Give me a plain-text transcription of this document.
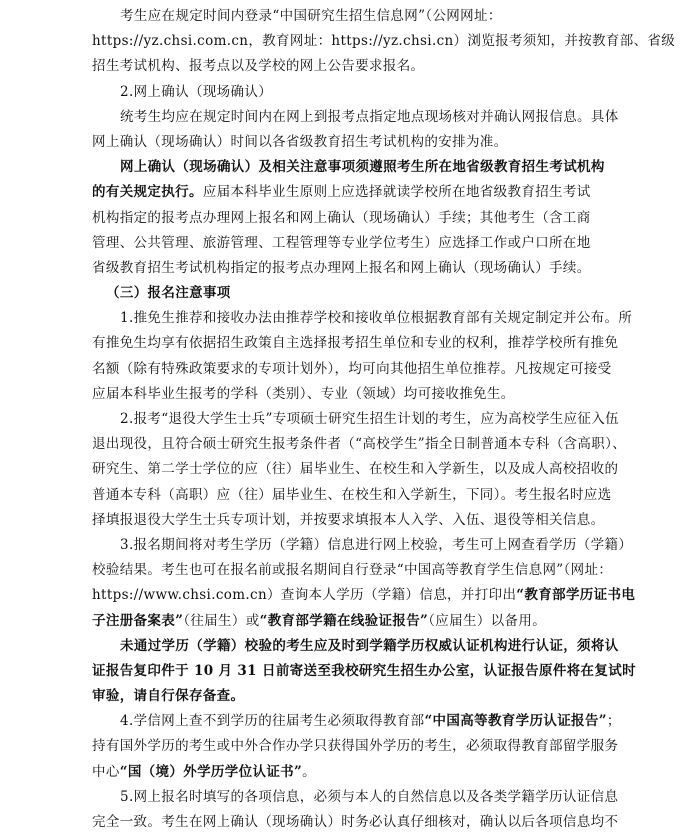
考生应在规定时间内登录“中国研究生招生信息网”（公网网址：
https://yz.chsi.com.cn，教育网址：https://yz.chsi.cn）浏览报考须知，并按教育部、省级
招生考试机构、报考点以及学校的网上公告要求报名。
2.网上确认（现场确认）
统考生均应在规定时间内在网上到报考点指定地点现场核对并确认网报信息。具体
网上确认（现场确认）时间以各省级教育招生考试机构的安排为准。
网上确认（现场确认）及相关注意事项须遵照考生所在地省级教育招生考试机构
的有关规定执行。应届本科毕业生原则上应选择就读学校所在地省级教育招生考试
机构指定的报考点办理网上报名和网上确认（现场确认）手续；其他考生（含工商
管理、公共管理、旅游管理、工程管理等专业学位考生）应选择工作或户口所在地
省级教育招生考试机构指定的报考点办理网上报名和网上确认（现场确认）手续。
（三）报名注意事项
1.推免生推荐和接收办法由推荐学校和接收单位根据教育部有关规定制定并公布。所
有推免生均享有依据招生政策自主选择报考招生单位和专业的权利，推荐学校所有推免
名额（除有特殊政策要求的专项计划外），均可向其他招生单位推荐。凡按规定可接受
应届本科毕业生报考的学科（类别）、专业（领域）均可接收推免生。
2.报考“退役大学生士兵”专项硕士研究生招生计划的考生，应为高校学生应征入伍
退出现役，且符合硕士研究生报考条件者（“高校学生”指全日制普通本专科（含高职）、
研究生、第二学士学位的应（往）届毕业生、在校生和入学新生，以及成人高校招收的
普通本专科（高职）应（往）届毕业生、在校生和入学新生，下同）。考生报名时应选
择填报退役大学生士兵专项计划，并按要求填报本人入学、入伍、退役等相关信息。
3.报名期间将对考生学历（学籍）信息进行网上校验，考生可上网查看学历（学籍）
校验结果。考生也可在报名前或报名期间自行登录“中国高等教育学生信息网”（网址：
https://www.chsi.com.cn）查询本人学历（学籍）信息，并打印出“教育部学历证书电
子注册备案表”（往届生）或“教育部学籍在线验证报告”（应届生）以备用。
未通过学历（学籍）校验的考生应及时到学籍学历权威认证机构进行认证，须将认
证报告复印件于 10 月 31 日前寄送至我校研究生招生办公室，认证报告原件将在复试时
审验，请自行保存备查。
4.学信网上查不到学历的往届考生必须取得教育部“中国高等教育学历认证报告”；
持有国外学历的考生或中外合作办学只获得国外学历的考生，必须取得教育部留学服务
中心“国（境）外学历学位认证书”。
5.网上报名时填写的各项信息，必须与本人的自然信息以及各类学籍学历认证信息
完全一致。考生在网上确认（现场确认）时务必认真仔细核对，确认以后各项信息均不
